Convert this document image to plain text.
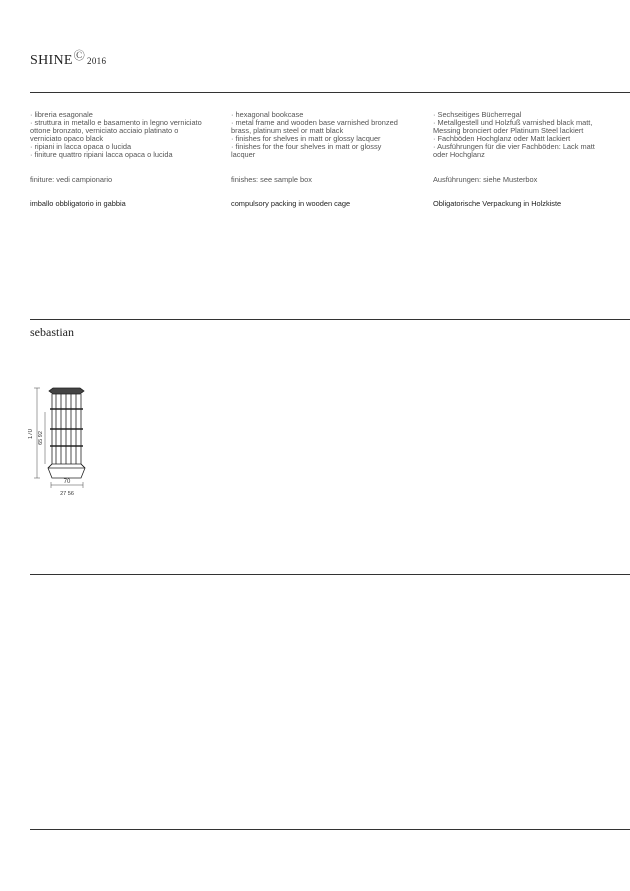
SHINEⒸ 2016
· libreria esagonale
· struttura in metallo e basamento in legno verniciato
ottone bronzato, verniciato acciaio platinato o
verniciato opaco black
· ripiani in lacca opaca o lucida
· finiture quattro ripiani lacca opaca o lucida
· hexagonal bookcase
· metal frame and wooden base varnished bronzed
brass, platinum steel or matt black
· finishes for shelves in matt or glossy lacquer
· finishes for the four shelves in matt or glossy
lacquer
· Sechseitiges Bücherregal
· Metallgestell und Holzfuß varnished black matt,
Messing bronciert oder Platinum Steel lackiert
· Fachböden Hochglanz oder Matt lackiert
· Ausführungen für die vier Fachböden: Lack matt
oder Hochglanz
finiture: vedi campionario	finishes: see sample box	Ausführungen: siehe Musterbox
imballo obbligatorio in gabbia	compulsory packing in wooden cage	Obligatorische Verpackung in Holzkiste
sebastian
170 65 92
70
27 56
